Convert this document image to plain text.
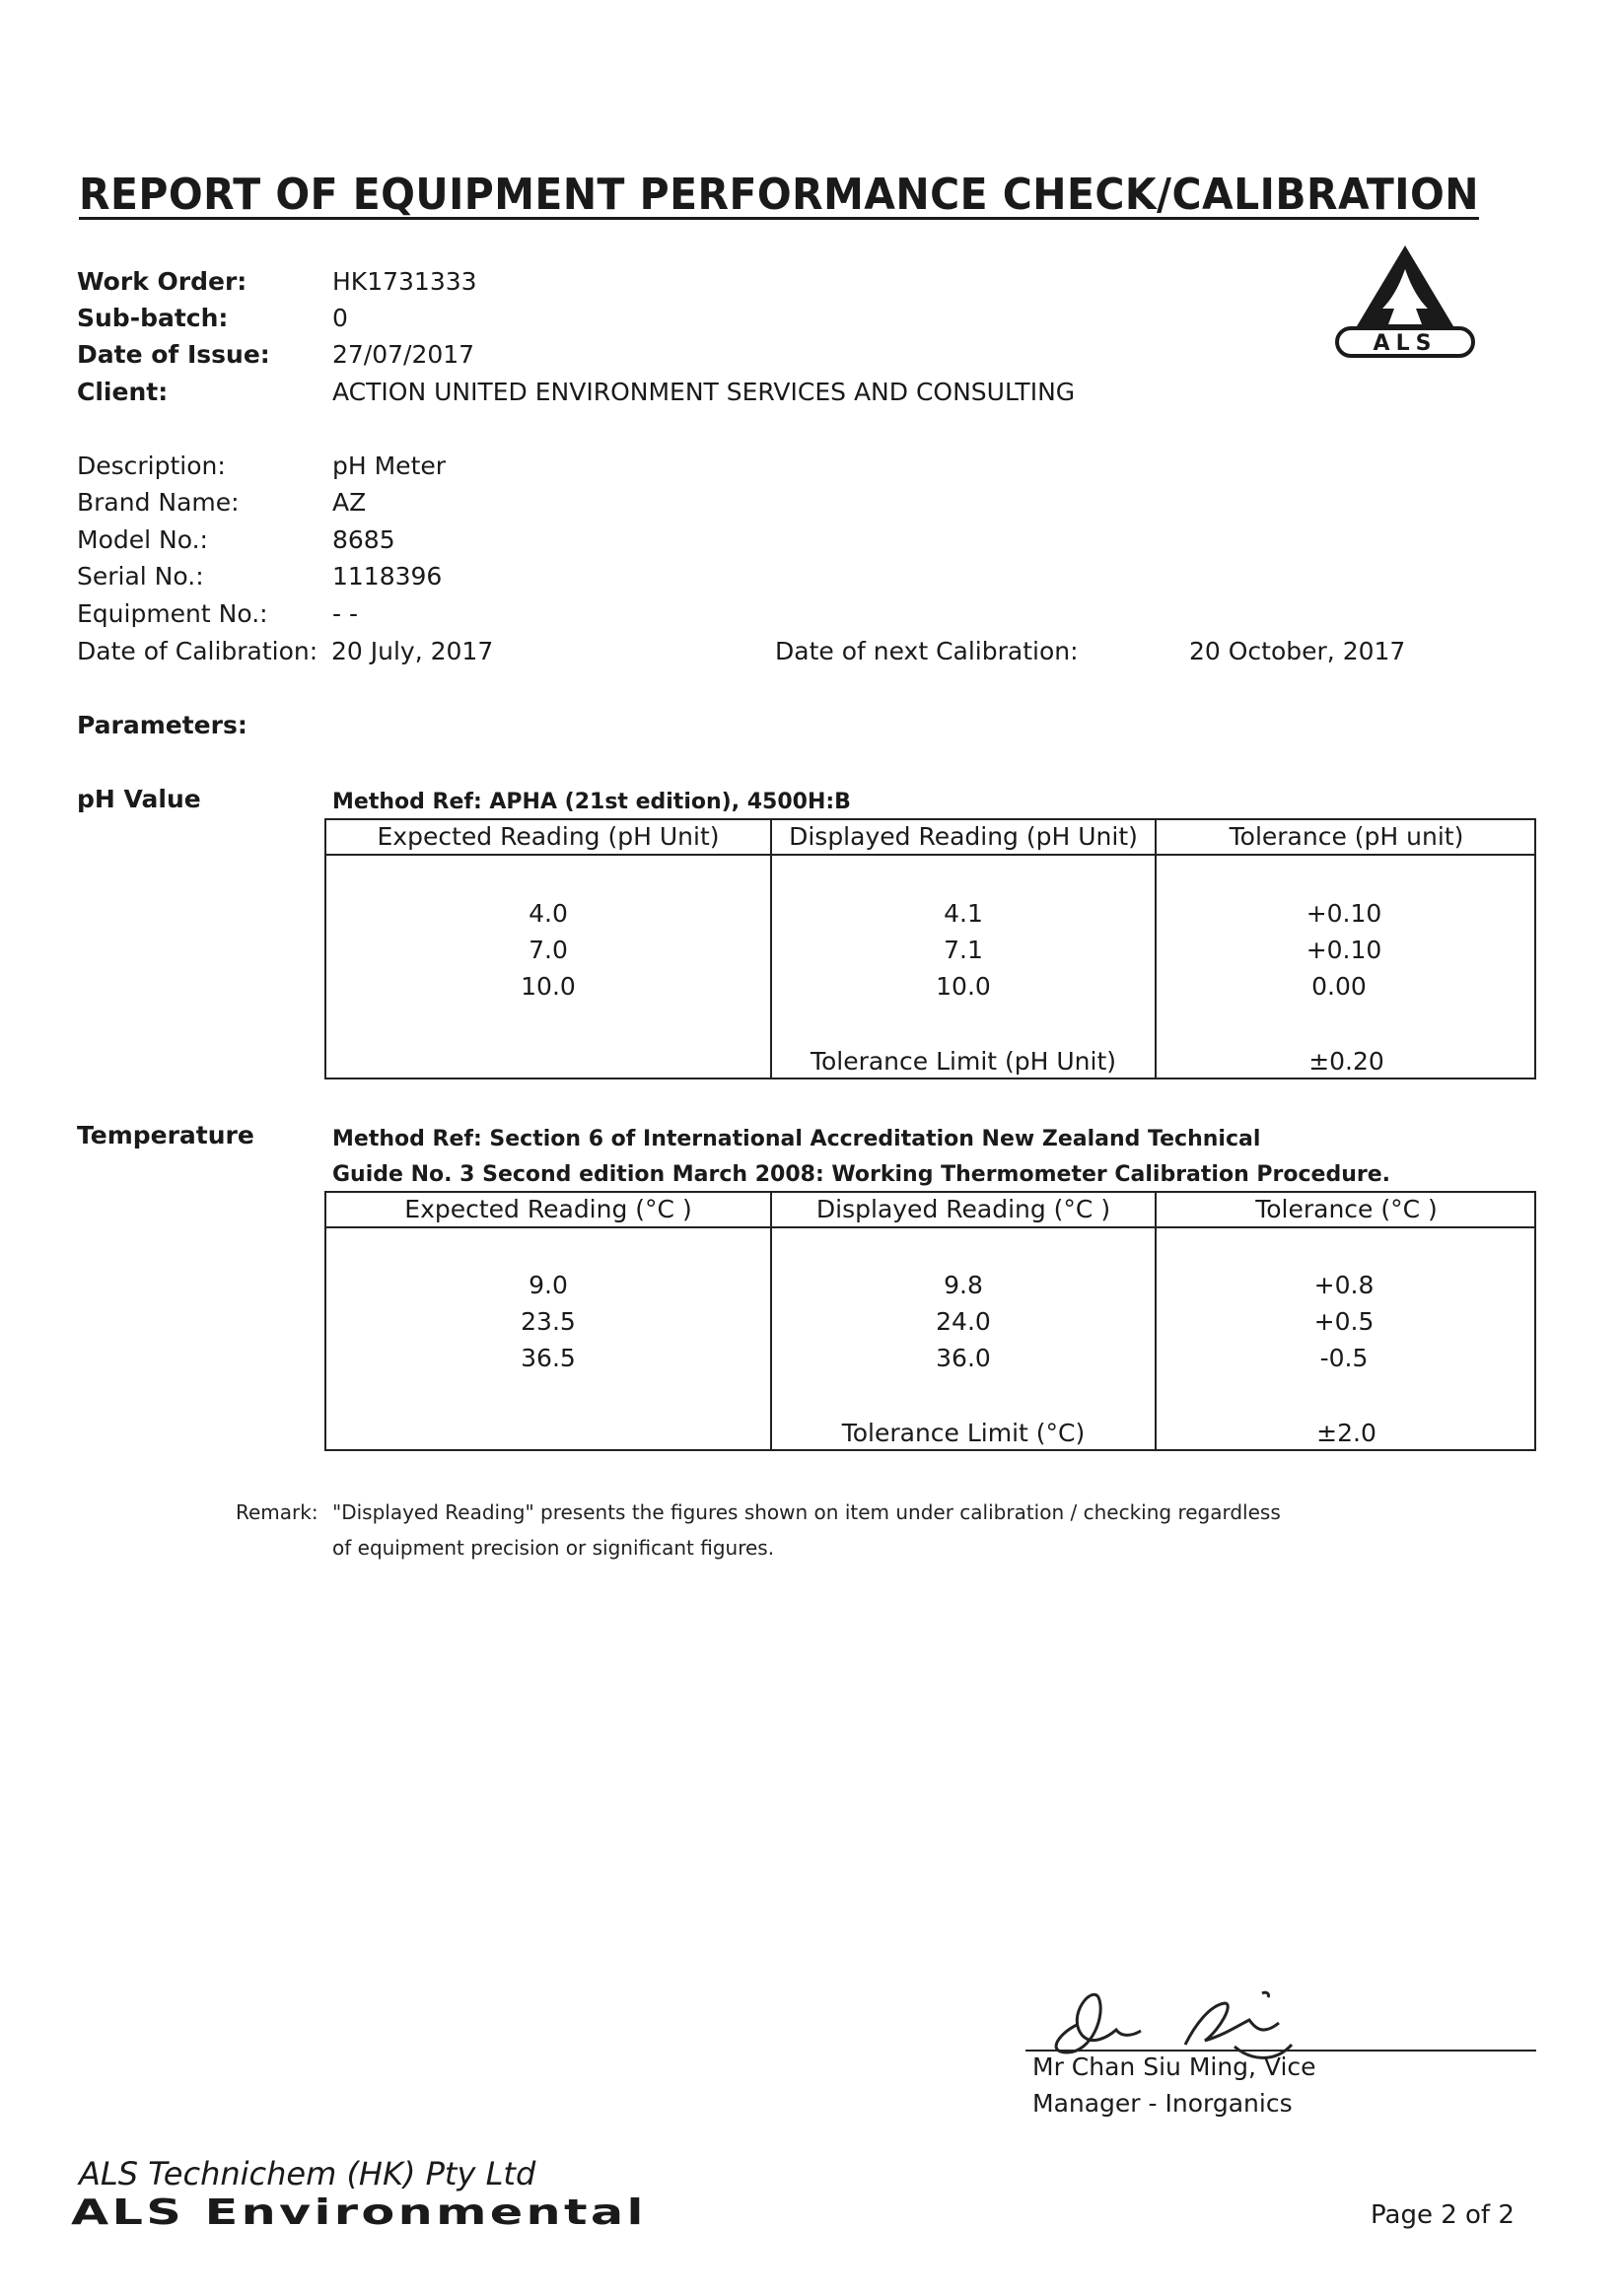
REPORT OF EQUIPMENT PERFORMANCE CHECK/CALIBRATION
ALS
Work Order:	HK1731333
Sub-batch:	0
Date of Issue:	27/07/2017
Client:	ACTION UNITED ENVIRONMENT SERVICES AND CONSULTING
Description:	pH Meter
Brand Name:	AZ
Model No.:	8685
Serial No.:	1118396
Equipment No.:	- -
Date of Calibration: 20 July, 2017	Date of next Calibration:	20 October, 2017
Parameters:
pH Value	Method Ref: APHA (21st edition), 4500H:B
Expected Reading (pH Unit)	Displayed Reading (pH Unit)	Tolerance (pH unit)
4.0	4.1	+0.10
7.0	7.1	+0.10
10.0	10.0	0.00
Tolerance Limit (pH Unit)	±0.20
Temperature	Method Ref: Section 6 of International Accreditation New Zealand Technical
Guide No. 3 Second edition March 2008: Working Thermometer Calibration Procedure.
Expected Reading (°C )	Displayed Reading (°C )	Tolerance (°C )
9.0	9.8	+0.8
23.5	24.0	+0.5
36.5	36.0	-0.5
Tolerance Limit (°C)	±2.0
Remark: "Displayed Reading" presents the figures shown on item under calibration / checking regardless
of equipment precision or significant figures.
Mr Chan Siu Ming, Vice
Manager - Inorganics
ALS Technichem (HK) Pty Ltd
ALS Environmental	Page 2 of 2
